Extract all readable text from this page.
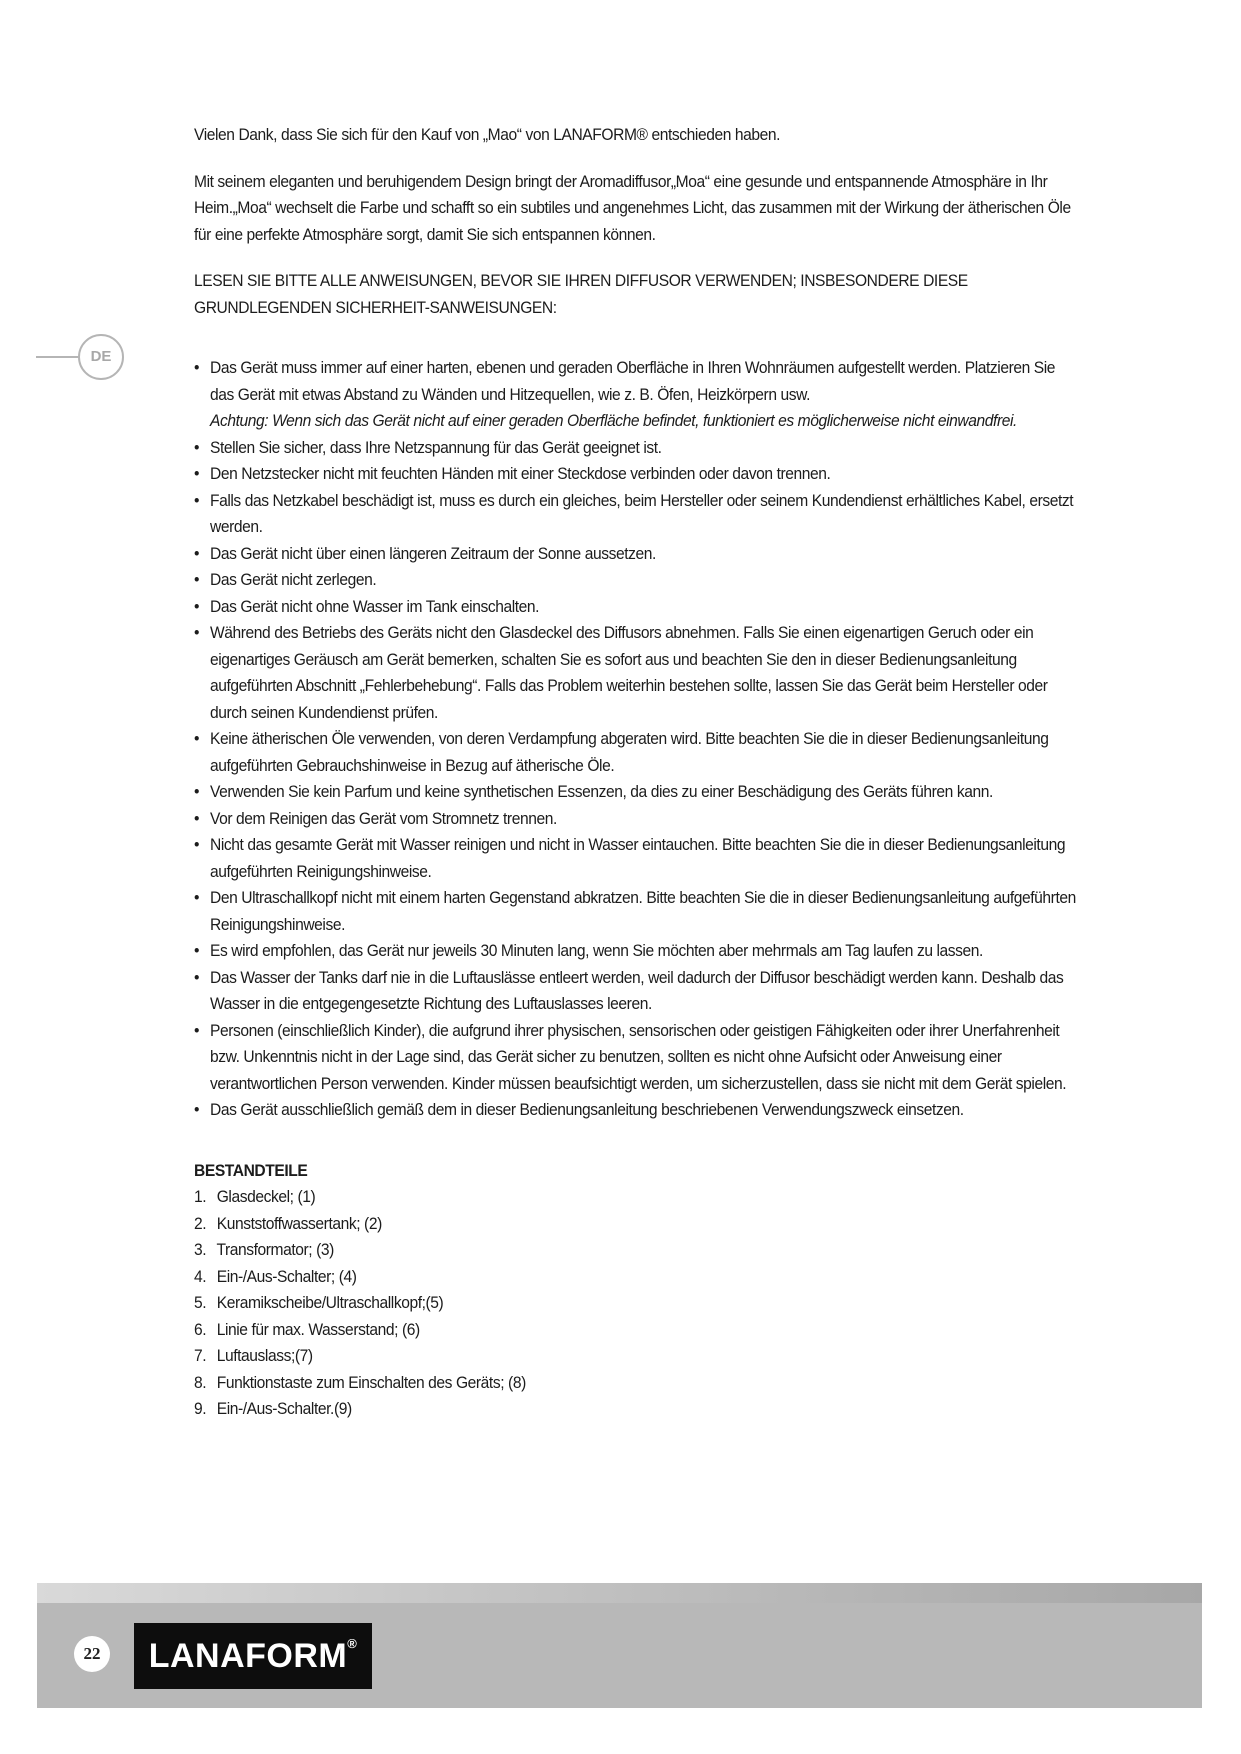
DE

Vielen Dank, dass Sie sich für den Kauf von „Mao“ von LANAFORM® entschieden haben.

Mit seinem eleganten und beruhigendem Design bringt der Aromadiffusor„Moa“ eine gesunde und entspannende Atmosphäre in Ihr Heim.„Moa“ wechselt die Farbe und schafft so ein subtiles und angenehmes Licht, das zusammen mit der Wirkung der ätherischen Öle für eine perfekte Atmosphäre sorgt, damit Sie sich entspannen können.

LESEN SIE BITTE ALLE ANWEISUNGEN, BEVOR SIE IHREN DIFFUSOR VERWENDEN; INSBESONDERE DIESE GRUNDLEGENDEN SICHERHEIT-SANWEISUNGEN:

• Das Gerät muss immer auf einer harten, ebenen und geraden Oberfläche in Ihren Wohnräumen aufgestellt werden. Platzieren Sie das Gerät mit etwas Abstand zu Wänden und Hitzequellen, wie z. B. Öfen, Heizkörpern usw.
Achtung: Wenn sich das Gerät nicht auf einer geraden Oberfläche befindet, funktioniert es möglicherweise nicht einwandfrei.
• Stellen Sie sicher, dass Ihre Netzspannung für das Gerät geeignet ist.
• Den Netzstecker nicht mit feuchten Händen mit einer Steckdose verbinden oder davon trennen.
• Falls das Netzkabel beschädigt ist, muss es durch ein gleiches, beim Hersteller oder seinem Kundendienst erhältliches Kabel, ersetzt werden.
• Das Gerät nicht über einen längeren Zeitraum der Sonne aussetzen.
• Das Gerät nicht zerlegen.
• Das Gerät nicht ohne Wasser im Tank einschalten.
• Während des Betriebs des Geräts nicht den Glasdeckel des Diffusors abnehmen. Falls Sie einen eigenartigen Geruch oder ein eigenartiges Geräusch am Gerät bemerken, schalten Sie es sofort aus und beachten Sie den in dieser Bedienungsanleitung aufgeführten Abschnitt „Fehlerbehebung“. Falls das Problem weiterhin bestehen sollte, lassen Sie das Gerät beim Hersteller oder durch seinen Kundendienst prüfen.
• Keine ätherischen Öle verwenden, von deren Verdampfung abgeraten wird. Bitte beachten Sie die in dieser Bedienungsanleitung aufgeführten Gebrauchshinweise in Bezug auf ätherische Öle.
• Verwenden Sie kein Parfum und keine synthetischen Essenzen, da dies zu einer Beschädigung des Geräts führen kann.
• Vor dem Reinigen das Gerät vom Stromnetz trennen.
• Nicht das gesamte Gerät mit Wasser reinigen und nicht in Wasser eintauchen. Bitte beachten Sie die in dieser Bedienungsanleitung aufgeführten Reinigungshinweise.
• Den Ultraschallkopf nicht mit einem harten Gegenstand abkratzen. Bitte beachten Sie die in dieser Bedienungsanleitung aufgeführten Reinigungshinweise.
• Es wird empfohlen, das Gerät nur jeweils 30 Minuten lang, wenn Sie möchten aber mehrmals am Tag laufen zu lassen.
• Das Wasser der Tanks darf nie in die Luftauslässe entleert werden, weil dadurch der Diffusor beschädigt werden kann. Deshalb das Wasser in die entgegengesetzte Richtung des Luftauslasses leeren.
• Personen (einschließlich Kinder), die aufgrund ihrer physischen, sensorischen oder geistigen Fähigkeiten oder ihrer Unerfahrenheit bzw. Unkenntnis nicht in der Lage sind, das Gerät sicher zu benutzen, sollten es nicht ohne Aufsicht oder Anweisung einer verantwortlichen Person verwenden. Kinder müssen beaufsichtigt werden, um sicherzustellen, dass sie nicht mit dem Gerät spielen.
• Das Gerät ausschließlich gemäß dem in dieser Bedienungsanleitung beschriebenen Verwendungszweck einsetzen.

BESTANDTEILE

1. Glasdeckel; (1)
2. Kunststoffwassertank; (2)
3. Transformator; (3)
4. Ein-/Aus-Schalter; (4)
5. Keramikscheibe/Ultraschallkopf;(5)
6. Linie für max. Wasserstand; (6)
7. Luftauslass;(7)
8. Funktionstaste zum Einschalten des Geräts; (8)
9. Ein-/Aus-Schalter.(9)
22	LANAFORM®
